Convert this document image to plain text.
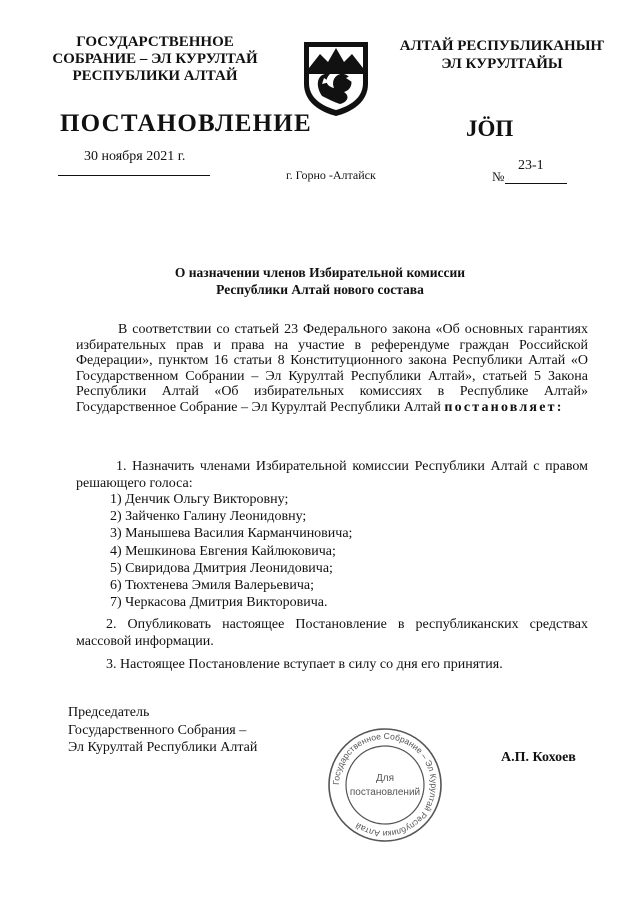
ГОСУДАРСТВЕННОЕ
СОБРАНИЕ – ЭЛ КУРУЛТАЙ
РЕСПУБЛИКИ АЛТАЙ
АЛТАЙ РЕСПУБЛИКАНЫҤ
ЭЛ КУРУЛТАЙЫ
ПОСТАНОВЛЕНИЕ	JÖП
30 ноября 2021 г.
г. Горно -Алтайск
23-1
№
О назначении членов Избирательной комиссии
Республики Алтай нового состава
В соответствии со статьей 23 Федерального закона «Об основных гарантиях избирательных прав и права на участие в референдуме граждан Российской Федерации», пунктом 16 статьи 8 Конституционного закона Республики Алтай «О Государственном Собрании – Эл Курултай Республики Алтай», статьей 5 Закона Республики Алтай «Об избирательных комиссиях в Республике Алтай» Государственное Собрание – Эл Курултай Республики Алтай постановляет:
1. Назначить членами Избирательной комиссии Республики Алтай с правом решающего голоса:
1) Денчик Ольгу Викторовну;
2) Зайченко Галину Леонидовну;
3) Манышева Василия Карманчиновича;
4) Мешкинова Евгения Кайлюковича;
5) Свиридова Дмитрия Леонидовича;
6) Тюхтенева Эмиля Валерьевича;
7) Черкасова Дмитрия Викторовича.
2. Опубликовать настоящее Постановление в республиканских средствах массовой информации.
3. Настоящее Постановление вступает в силу со дня его принятия.
Председатель
Государственного Собрания –
Эл Курултай Республики Алтай
Государственное Собрание – Эл Курултай Республики Алтай
Для
постановлений
А.П. Кохоев
